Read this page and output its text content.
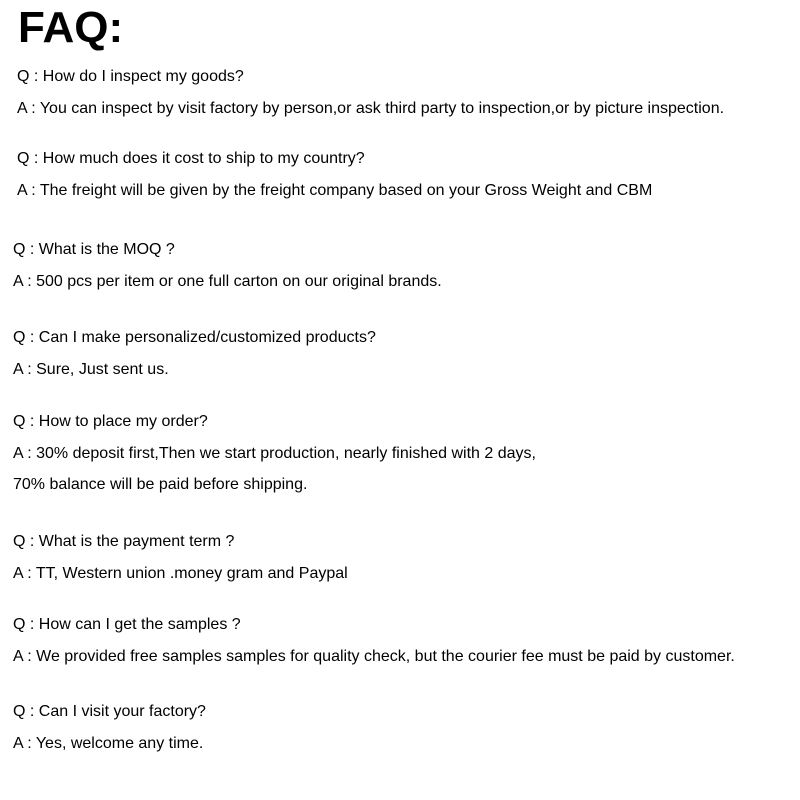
FAQ:
Q : How do I inspect my goods?
A : You can inspect by visit factory by person,or ask third party to inspection,or by picture inspection.
Q : How much does it cost to ship to my country?
A : The freight will be given by the freight company based on your Gross Weight and CBM
Q : What is the MOQ ?
A : 500 pcs per item or one full carton on our original brands.
Q : Can I make personalized/customized products?
A : Sure, Just sent us.
Q : How to place my order?
A : 30% deposit first,Then we start production, nearly finished with 2 days,
70% balance will be paid before shipping.
Q : What is the payment term ?
A : TT, Western union .money gram and Paypal
Q : How can I get the samples ?
A : We provided free samples samples for quality check, but the courier fee must be paid by customer.
Q : Can I visit your factory?
A : Yes, welcome any time.
